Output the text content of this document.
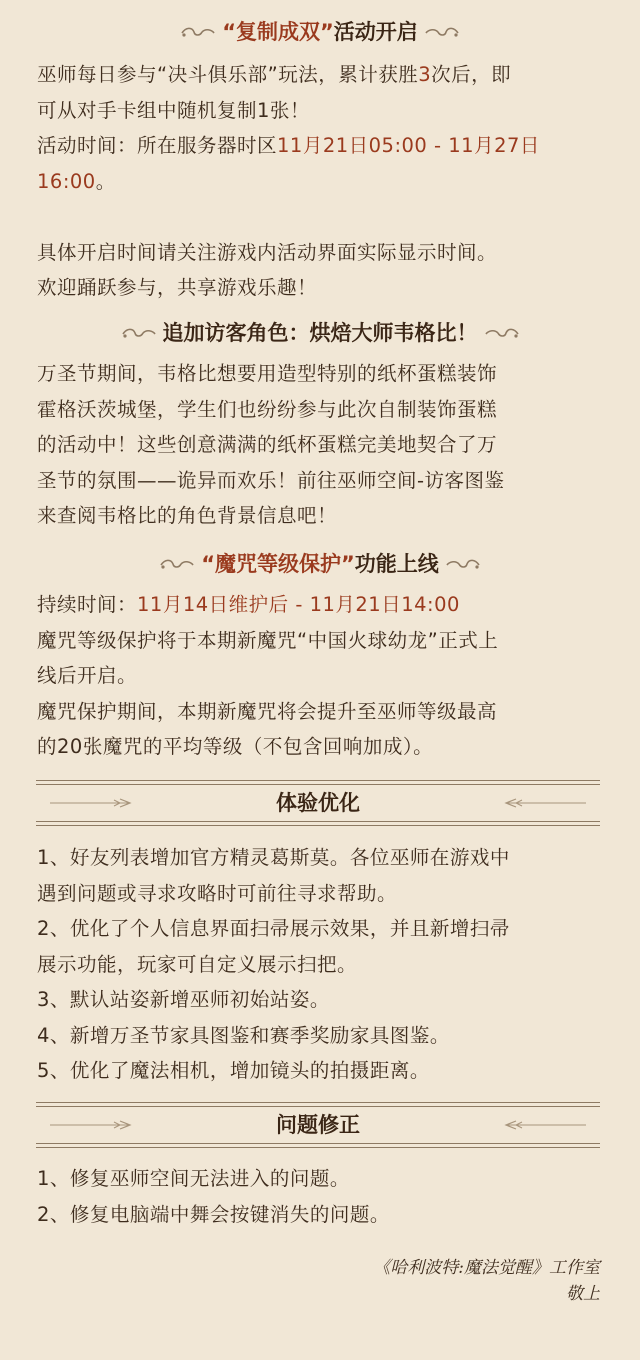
“复制成双”活动开启
巫师每日参与“决斗俱乐部”玩法，累计获胜3次后，即
可从对手卡组中随机复制1张！
活动时间：所在服务器时区11月21日05:00 - 11月27日
16:00。
具体开启时间请关注游戏内活动界面实际显示时间。
欢迎踊跃参与，共享游戏乐趣！
追加访客角色：烘焙大师韦格比！
万圣节期间，韦格比想要用造型特别的纸杯蛋糕装饰
霍格沃茨城堡，学生们也纷纷参与此次自制装饰蛋糕
的活动中！这些创意满满的纸杯蛋糕完美地契合了万
圣节的氛围——诡异而欢乐！前往巫师空间-访客图鉴
来查阅韦格比的角色背景信息吧！
“魔咒等级保护”功能上线
持续时间：11月14日维护后 - 11月21日14:00
魔咒等级保护将于本期新魔咒“中国火球幼龙”正式上
线后开启。
魔咒保护期间，本期新魔咒将会提升至巫师等级最高
的20张魔咒的平均等级（不包含回响加成）。
体验优化
1、好友列表增加官方精灵葛斯莫。各位巫师在游戏中
遇到问题或寻求攻略时可前往寻求帮助。
2、优化了个人信息界面扫帚展示效果，并且新增扫帚
展示功能，玩家可自定义展示扫把。
3、默认站姿新增巫师初始站姿。
4、新增万圣节家具图鉴和赛季奖励家具图鉴。
5、优化了魔法相机，增加镜头的拍摄距离。
问题修正
1、修复巫师空间无法进入的问题。
2、修复电脑端中舞会按键消失的问题。
《哈利波特:魔法觉醒》工作室
敬上
